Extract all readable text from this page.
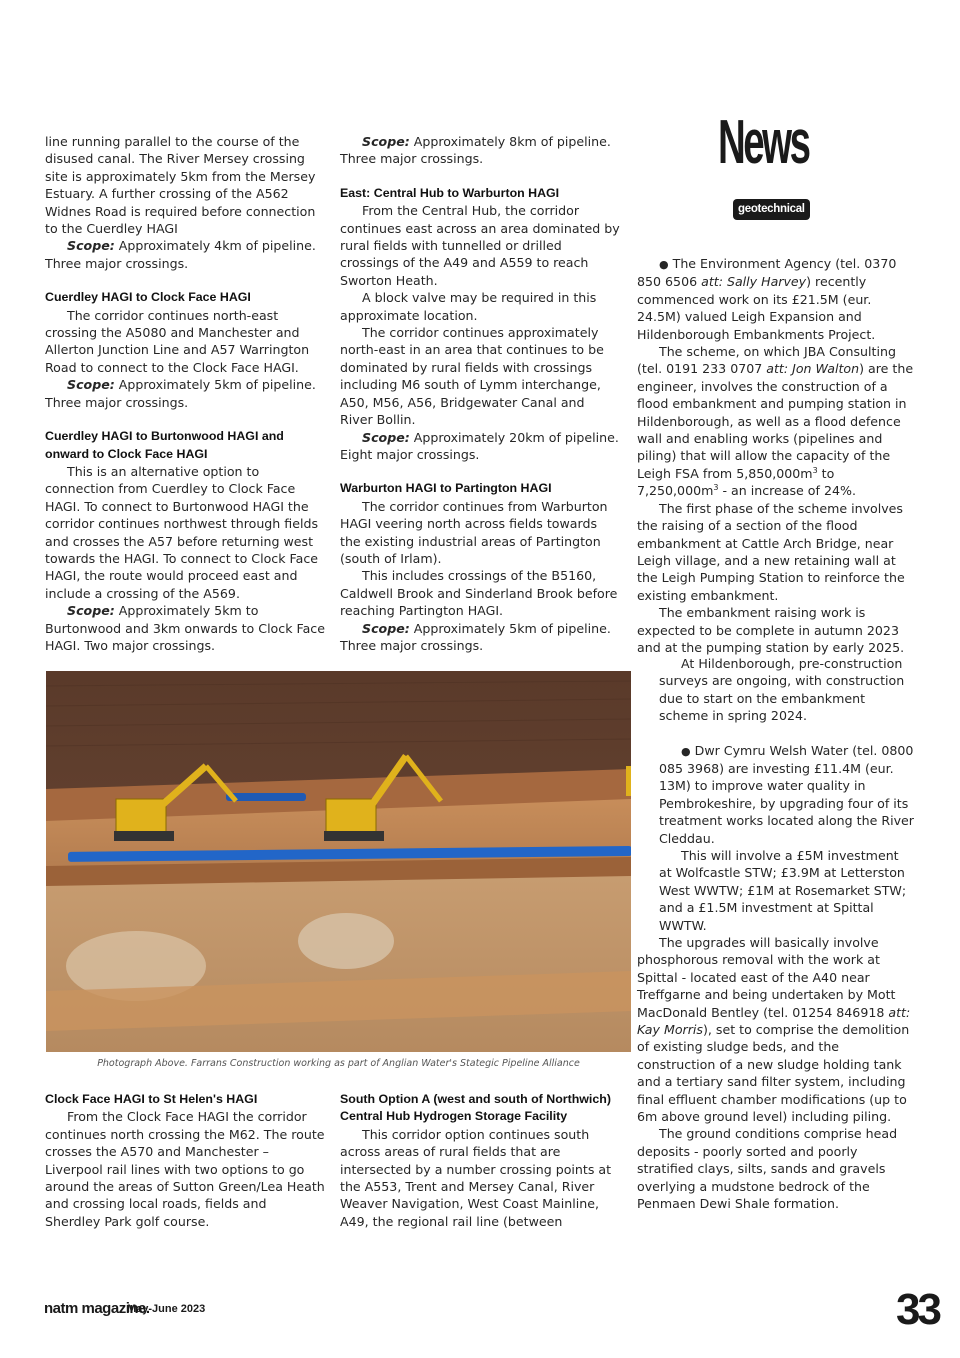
News
geotechnical

line running parallel to the course of the disused canal. The River Mersey crossing site is approximately 5km from the Mersey Estuary. A further crossing of the A562 Widnes Road is required before connection to the Cuerdley HAGI

Scope: Approximately 4km of pipeline. Three major crossings.

Cuerdley HAGI to Clock Face HAGI

The corridor continues north-east crossing the A5080 and Manchester and Allerton Junction Line and A57 Warrington Road to connect to the Clock Face HAGI.

Scope: Approximately 5km of pipeline. Three major crossings.

Cuerdley HAGI to Burtonwood HAGI and onward to Clock Face HAGI

This is an alternative option to connection from Cuerdley to Clock Face HAGI. To connect to Burtonwood HAGI the corridor continues northwest through fields and crosses the A57 before returning west towards the HAGI. To connect to Clock Face HAGI, the route would proceed east and include a crossing of the A569.

Scope: Approximately 5km to Burtonwood and 3km onwards to Clock Face HAGI. Two major crossings.

Scope: Approximately 8km of pipeline. Three major crossings.

East: Central Hub to Warburton HAGI

From the Central Hub, the corridor continues east across an area dominated by rural fields with tunnelled or drilled crossings of the A49 and A559 to reach Sworton Heath.

A block valve may be required in this approximate location.

The corridor continues approximately north-east in an area that continues to be dominated by rural fields with crossings including M6 south of Lymm interchange, A50, M56, A56, Bridgewater Canal and River Bollin.

Scope: Approximately 20km of pipeline. Eight major crossings.

Warburton HAGI to Partington HAGI

The corridor continues from Warburton HAGI veering north across fields towards the existing industrial areas of Partington (south of Irlam).

This includes crossings of the B5160, Caldwell Brook and Sinderland Brook before reaching Partington HAGI.

Scope: Approximately 5km of pipeline. Three major crossings.

● The Environment Agency (tel. 0370 850 6506 att: Sally Harvey) recently commenced work on its £21.5M (eur. 24.5M) valued Leigh Expansion and Hildenborough Embankments Project.

The scheme, on which JBA Consulting (tel. 0191 233 0707 att: Jon Walton) are the engineer, involves the construction of a flood embankment and pumping station in Hildenborough, as well as a flood defence wall and enabling works (pipelines and piling) that will allow the capacity of the Leigh FSA from $5,850,000m^3$ to $7,250,000m^3$ - an increase of 24%.

The first phase of the scheme involves the raising of a section of the flood embankment at Cattle Arch Bridge, near Leigh village, and a new retaining wall at the Leigh Pumping Station to reinforce the existing embankment.

The embankment raising work is expected to be complete in autumn 2023 and at the pumping station by early 2025.

At Hildenborough, pre-construction surveys are ongoing, with construction due to start on the embankment scheme in spring 2024.

● Dwr Cymru Welsh Water (tel. 0800 085 3968) are investing £11.4M (eur. 13M) to improve water quality in Pembrokeshire, by upgrading four of its treatment works located along the River Cleddau.

This will involve a £5M investment at Wolfcastle STW; £3.9M at Letterston West WWTW; £1M at Rosemarket STW; and a £1.5M investment at Spittal WWTW.

The upgrades will basically involve phosphorous removal with the work at Spittal - located east of the A40 near Treffgarne and being undertaken by Mott MacDonald Bentley (tel. 01254 846918 att: Kay Morris), set to comprise the demolition of existing sludge beds, and the construction of a new sludge holding tank and a tertiary sand filter system, including final effluent chamber modifications (up to 6m above ground level) including piling.

The ground conditions comprise head deposits - poorly sorted and poorly stratified clays, silts, sands and gravels overlying a mudstone bedrock of the Penmaen Dewi Shale formation.

Photograph Above. Farrans Construction working as part of Anglian Water's Stategic Pipeline Alliance
Clock Face HAGI to St Helen's HAGI

From the Clock Face HAGI the corridor continues north crossing the M62. The route crosses the A570 and Manchester – Liverpool rail lines with two options to go around the areas of Sutton Green/Lea Heath and crossing local roads, fields and Sherdley Park golf course.

South Option A (west and south of Northwich) Central Hub Hydrogen Storage Facility

This corridor option continues south across areas of rural fields that are intersected by a number crossing points at the A553, Trent and Mersey Canal, River Weaver Navigation, West Coast Mainline, A49, the regional rail line (between

natm magazine.
May-June 2023	33
